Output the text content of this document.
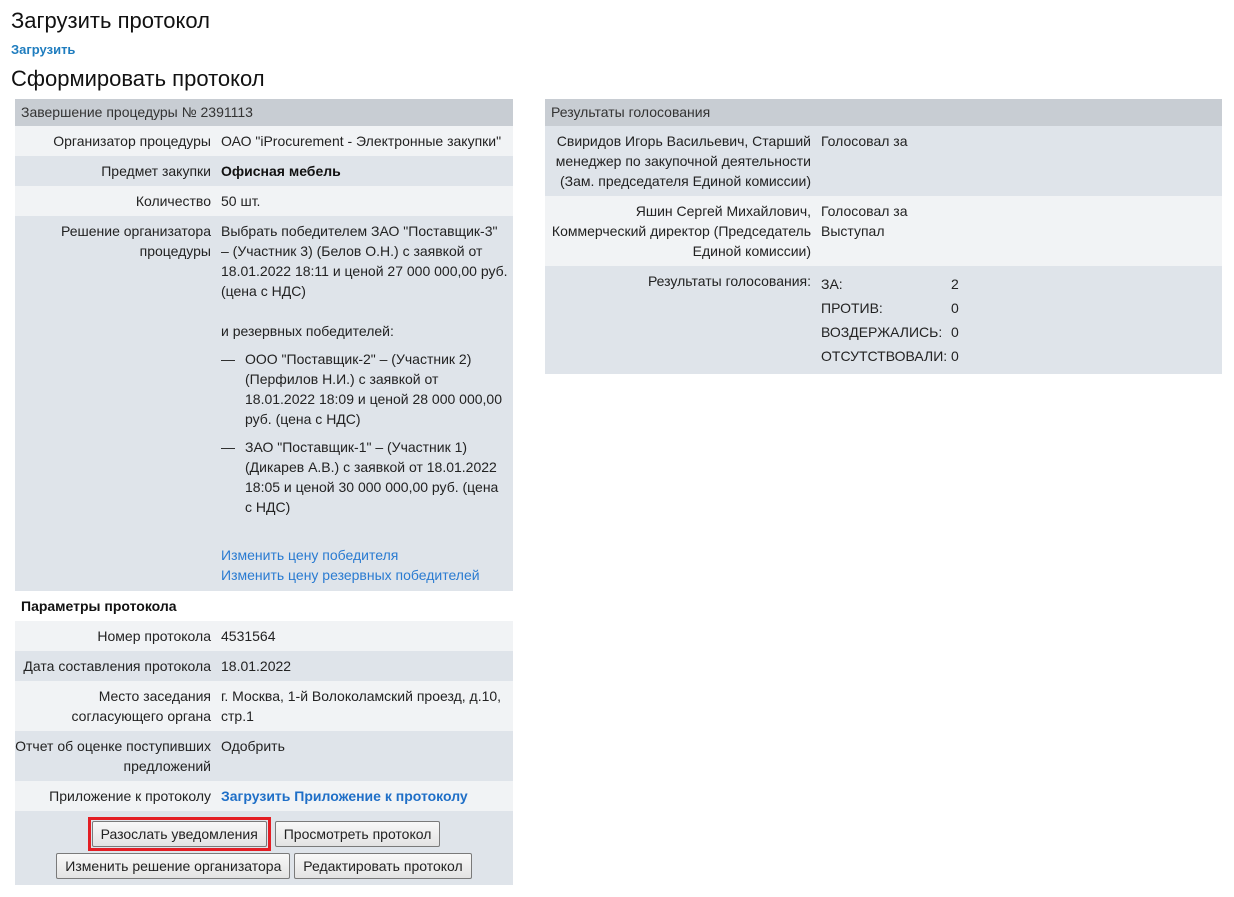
Загрузить протокол
Загрузить
Сформировать протокол
Завершение процедуры № 2391113
Организатор процедуры ОАО "iProcurement - Электронные закупки"
Предмет закупки Офисная мебель
Количество 50 шт.
Решение организатора процедуры
Выбрать победителем ЗАО "Поставщик-3" – (Участник 3) (Белов О.Н.) с заявкой от 18.01.2022 18:11 и ценой 27 000 000,00 руб. (цена с НДС)
и резервных победителей:
— ООО "Поставщик-2" – (Участник 2) (Перфилов Н.И.) с заявкой от 18.01.2022 18:09 и ценой 28 000 000,00 руб. (цена с НДС)
— ЗАО "Поставщик-1" – (Участник 1) (Дикарев А.В.) с заявкой от 18.01.2022 18:05 и ценой 30 000 000,00 руб. (цена с НДС)
Изменить цену победителя
Изменить цену резервных победителей
Параметры протокола
Номер протокола 4531564
Дата составления протокола 18.01.2022
Место заседания согласующего органа
г. Москва, 1-й Волоколамский проезд, д.10, стр.1
Отчет об оценке поступивших предложений
Одобрить
Приложение к протоколу Загрузить Приложение к протоколу
Разослать уведомления Просмотреть протокол
Изменить решение организатора Редактировать протокол
Результаты голосования
Свиридов Игорь Васильевич, Старший менеджер по закупочной деятельности (Зам. председателя Единой комиссии)
Голосовал за
Яшин Сергей Михайлович, Коммерческий директор (Председатель Единой комиссии)
Голосовал за
Выступал
Результаты голосования: ЗА:	2
ПРОТИВ:	0
ВОЗДЕРЖАЛИСЬ: 0
ОТСУТСТВОВАЛИ: 0
